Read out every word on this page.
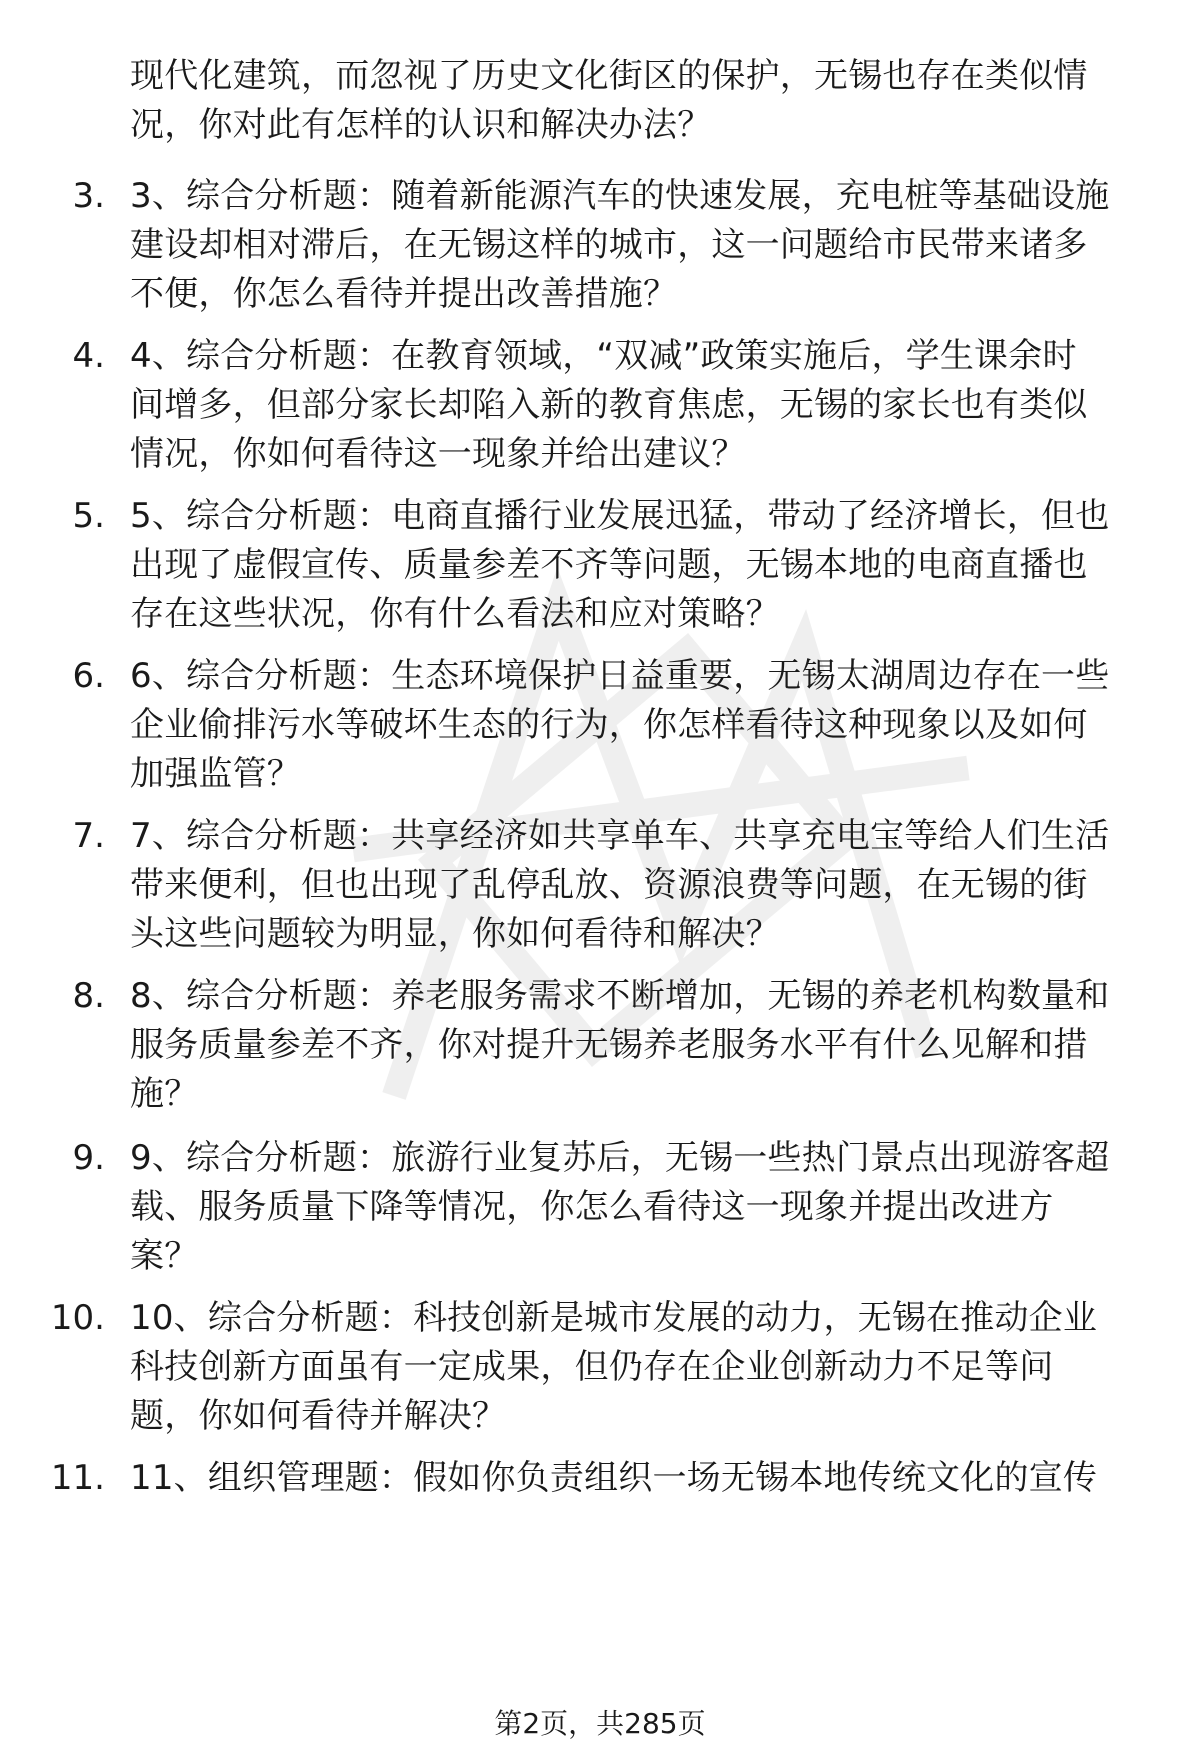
现代化建筑，而忽视了历史文化街区的保护，无锡也存在类似情
况，你对此有怎样的认识和解决办法？
3. 3、综合分析题：随着新能源汽车的快速发展，充电桩等基础设施
建设却相对滞后，在无锡这样的城市，这一问题给市民带来诸多
不便，你怎么看待并提出改善措施？
4. 4、综合分析题：在教育领域，“双减”政策实施后，学生课余时
间增多，但部分家长却陷入新的教育焦虑，无锡的家长也有类似
情况，你如何看待这一现象并给出建议？
5. 5、综合分析题：电商直播行业发展迅猛，带动了经济增长，但也
出现了虚假宣传、质量参差不齐等问题，无锡本地的电商直播也
存在这些状况，你有什么看法和应对策略？
6. 6、综合分析题：生态环境保护日益重要，无锡太湖周边存在一些
企业偷排污水等破坏生态的行为，你怎样看待这种现象以及如何
加强监管？
7. 7、综合分析题：共享经济如共享单车、共享充电宝等给人们生活
带来便利，但也出现了乱停乱放、资源浪费等问题，在无锡的街
头这些问题较为明显，你如何看待和解决？
8. 8、综合分析题：养老服务需求不断增加，无锡的养老机构数量和
服务质量参差不齐，你对提升无锡养老服务水平有什么见解和措
施？
9. 9、综合分析题：旅游行业复苏后，无锡一些热门景点出现游客超
载、服务质量下降等情况，你怎么看待这一现象并提出改进方
案？
10. 10、综合分析题：科技创新是城市发展的动力，无锡在推动企业
科技创新方面虽有一定成果，但仍存在企业创新动力不足等问
题，你如何看待并解决？
11. 11、组织管理题：假如你负责组织一场无锡本地传统文化的宣传
第2页，共285页
